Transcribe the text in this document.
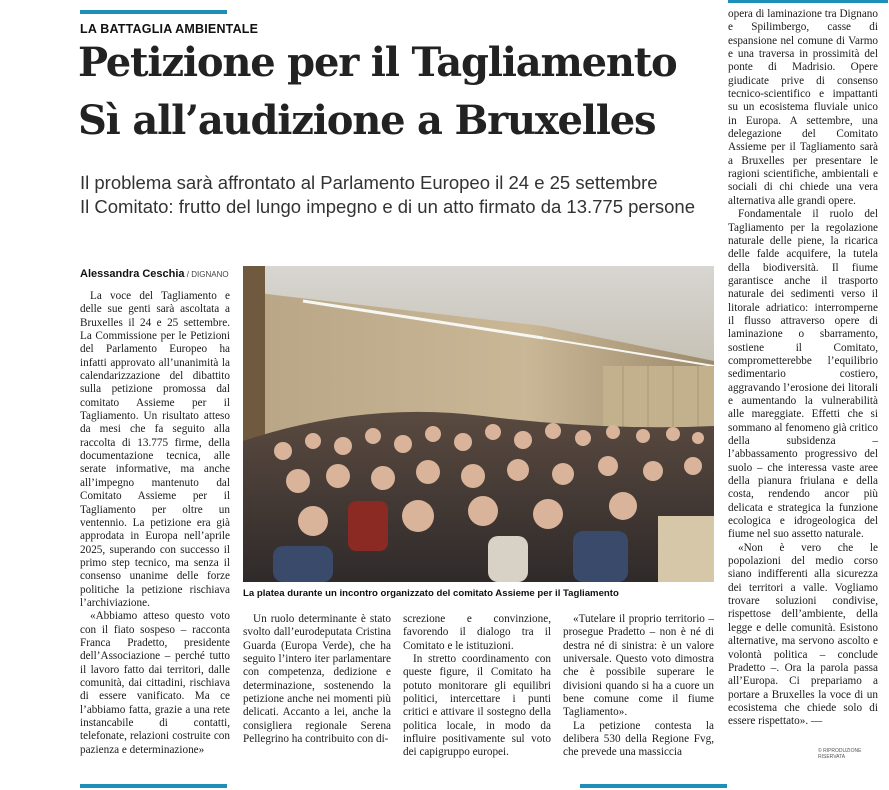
LA BATTAGLIA AMBIENTALE
Petizione per il Tagliamento
Sì all’audizione a Bruxelles
Il problema sarà affrontato al Parlamento Europeo il 24 e 25 settembre
Il Comitato: frutto del lungo impegno e di un atto firmato da 13.775 persone
Alessandra Ceschia / DIGNANO

La voce del Tagliamento e delle sue genti sarà ascoltata a Bruxelles il 24 e 25 settembre. La Commissione per le Petizioni del Parlamento Europeo ha infatti approvato all’unanimità la calendarizzazione del dibattito sulla petizione promossa dal comitato Assieme per il Tagliamento. Un risultato atteso da mesi che fa seguito alla raccolta di 13.775 firme, della documentazione tecnica, alle serate informative, ma anche all’impegno mantenuto dal Comitato Assieme per il Tagliamento per oltre un ventennio. La petizione era già approdata in Europa nell’aprile 2025, superando con successo il primo step tecnico, ma senza il consenso unanime delle forze politiche la petizione rischiava l’archiviazione.

«Abbiamo atteso questo voto con il fiato sospeso – racconta Franca Pradetto, presidente dell’Associazione – perché tutto il lavoro fatto dai territori, dalle comunità, dai cittadini, rischiava di essere vanificato. Ma ce l’abbiamo fatta, grazie a una rete instancabile di contatti, telefonate, relazioni costruite con pazienza e determinazione»

La platea durante un incontro organizzato del comitato Assieme per il Tagliamento

Un ruolo determinante è stato svolto dall’eurodeputata Cristina Guarda (Europa Verde), che ha seguito l’intero iter parlamentare con competenza, dedizione e determinazione, sostenendo la petizione anche nei momenti più delicati. Accanto a lei, anche la consigliera regionale Serena Pellegrino ha contribuito con di-

screzione e convinzione, favorendo il dialogo tra il Comitato e le istituzioni.

In stretto coordinamento con queste figure, il Comitato ha potuto monitorare gli equilibri politici, intercettare i punti critici e attivare il sostegno della politica locale, in modo da influire positivamente sul voto dei capigruppo europei.

«Tutelare il proprio territorio – prosegue Pradetto – non è né di destra né di sinistra: è un valore universale. Questo voto dimostra che è possibile superare le divisioni quando si ha a cuore un bene comune come il fiume Tagliamento».

La petizione contesta la delibera 530 della Regione Fvg, che prevede una massiccia

opera di laminazione tra Dignano e Spilimbergo, casse di espansione nel comune di Varmo e una traversa in prossimità del ponte di Madrisio. Opere giudicate prive di consenso tecnico-scientifico e impattanti su un ecosistema fluviale unico in Europa. A settembre, una delegazione del Comitato Assieme per il Tagliamento sarà a Bruxelles per presentare le ragioni scientifiche, ambientali e sociali di chi chiede una vera alternativa alle grandi opere.

Fondamentale il ruolo del Tagliamento per la regolazione naturale delle piene, la ricarica delle falde acquifere, la tutela della biodiversità. Il fiume garantisce anche il trasporto naturale dei sedimenti verso il litorale adriatico: interromperne il flusso attraverso opere di laminazione o sbarramento, sostiene il Comitato, comprometterebbe l’equilibrio sedimentario costiero, aggravando l’erosione dei litorali e aumentando la vulnerabilità alle mareggiate. Effetti che si sommano al fenomeno già critico della subsidenza – l’abbassamento progressivo del suolo – che interessa vaste aree della pianura friulana e della costa, rendendo ancor più delicata e strategica la funzione ecologica e idrogeologica del fiume nel suo assetto naturale.

«Non è vero che le popolazioni del medio corso siano indifferenti alla sicurezza dei territori a valle. Vogliamo trovare soluzioni condivise, rispettose dell’ambiente, della legge e delle comunità. Esistono alternative, ma servono ascolto e volontà politica – conclude Pradetto –. Ora la parola passa all’Europa. Ci prepariamo a portare a Bruxelles la voce di un ecosistema che chiede solo di essere rispettato». —

© RIPRODUZIONE RISERVATA
